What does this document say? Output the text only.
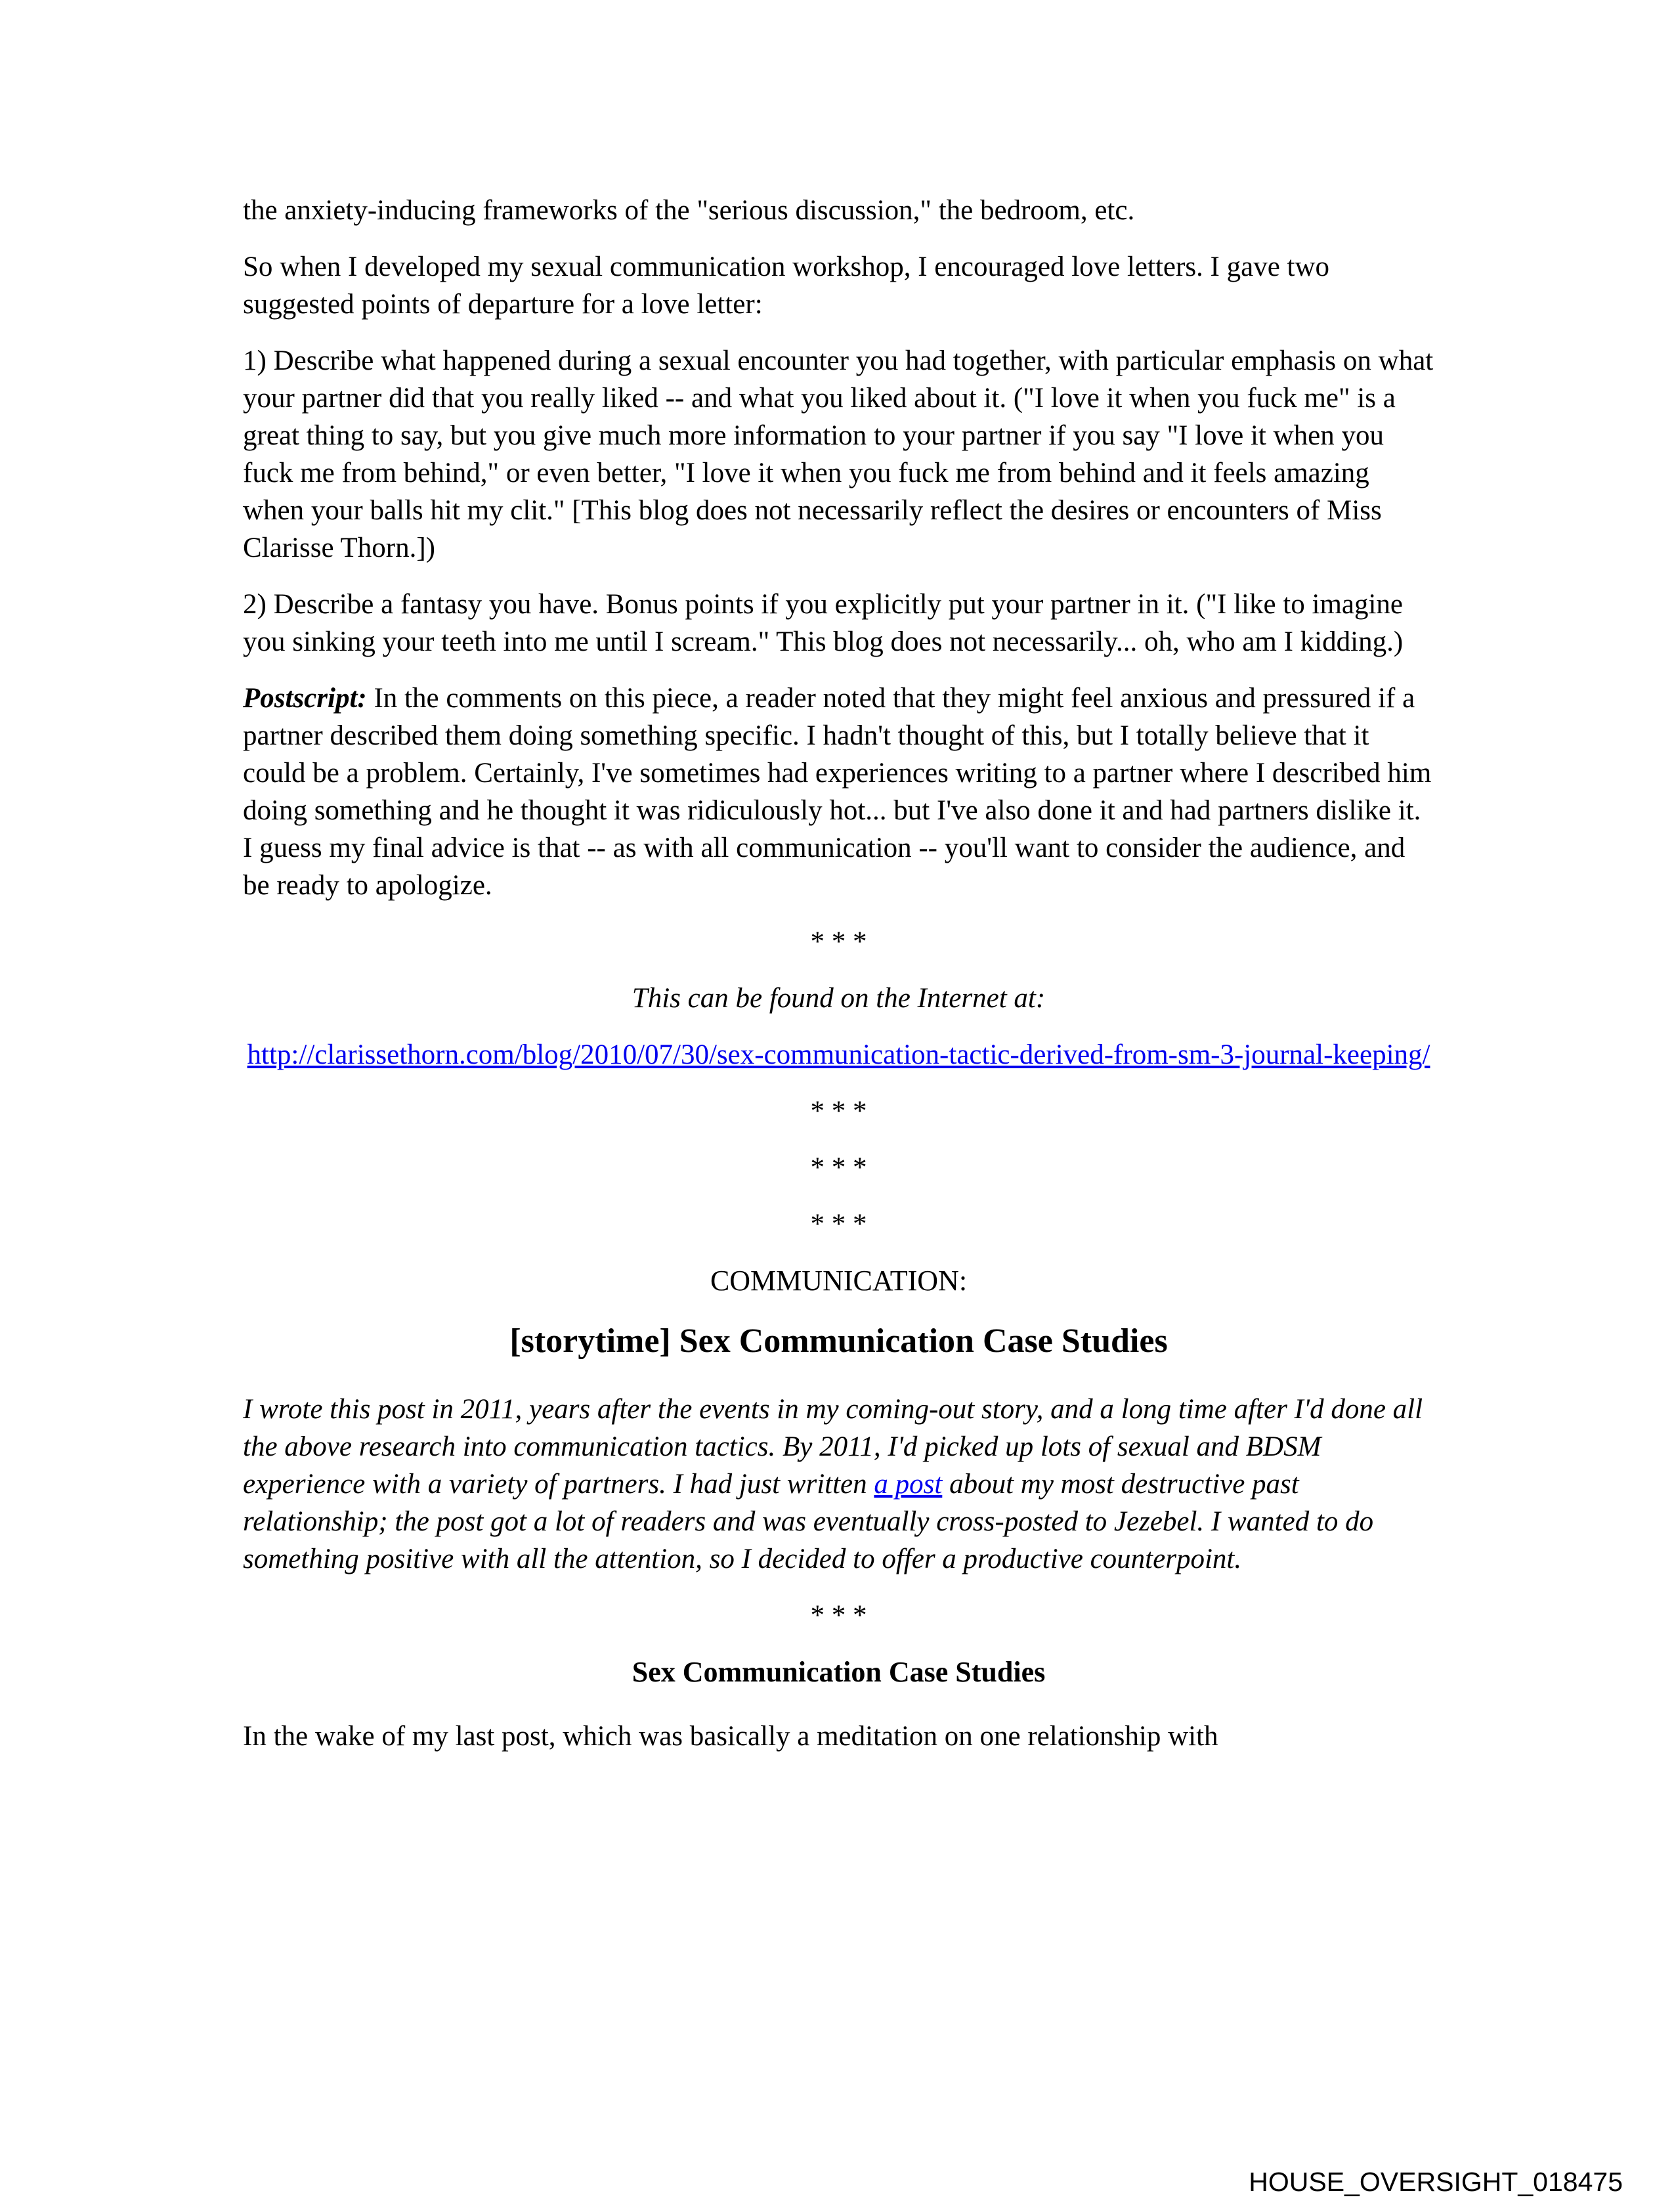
the anxiety-inducing frameworks of the "serious discussion," the bedroom, etc.

So when I developed my sexual communication workshop, I encouraged love letters. I gave two suggested points of departure for a love letter:

1) Describe what happened during a sexual encounter you had together, with particular emphasis on what your partner did that you really liked -- and what you liked about it. ("I love it when you fuck me" is a great thing to say, but you give much more information to your partner if you say "I love it when you fuck me from behind," or even better, "I love it when you fuck me from behind and it feels amazing when your balls hit my clit." [This blog does not necessarily reflect the desires or encounters of Miss Clarisse Thorn.])

2) Describe a fantasy you have. Bonus points if you explicitly put your partner in it. ("I like to imagine you sinking your teeth into me until I scream." This blog does not necessarily... oh, who am I kidding.)

Postscript: In the comments on this piece, a reader noted that they might feel anxious and pressured if a partner described them doing something specific. I hadn't thought of this, but I totally believe that it could be a problem. Certainly, I've sometimes had experiences writing to a partner where I described him doing something and he thought it was ridiculously hot... but I've also done it and had partners dislike it. I guess my final advice is that -- as with all communication -- you'll want to consider the audience, and be ready to apologize.

* * *

This can be found on the Internet at:

http://clarissethorn.com/blog/2010/07/30/sex-communication-tactic-derived-from-sm-3-journal-keeping/

* * *

* * *

* * *

COMMUNICATION:

[storytime] Sex Communication Case Studies

I wrote this post in 2011, years after the events in my coming-out story, and a long time after I'd done all the above research into communication tactics. By 2011, I'd picked up lots of sexual and BDSM experience with a variety of partners. I had just written a post about my most destructive past relationship; the post got a lot of readers and was eventually cross-posted to Jezebel. I wanted to do something positive with all the attention, so I decided to offer a productive counterpoint.

* * *

Sex Communication Case Studies

In the wake of my last post, which was basically a meditation on one relationship with

HOUSE_OVERSIGHT_018475
